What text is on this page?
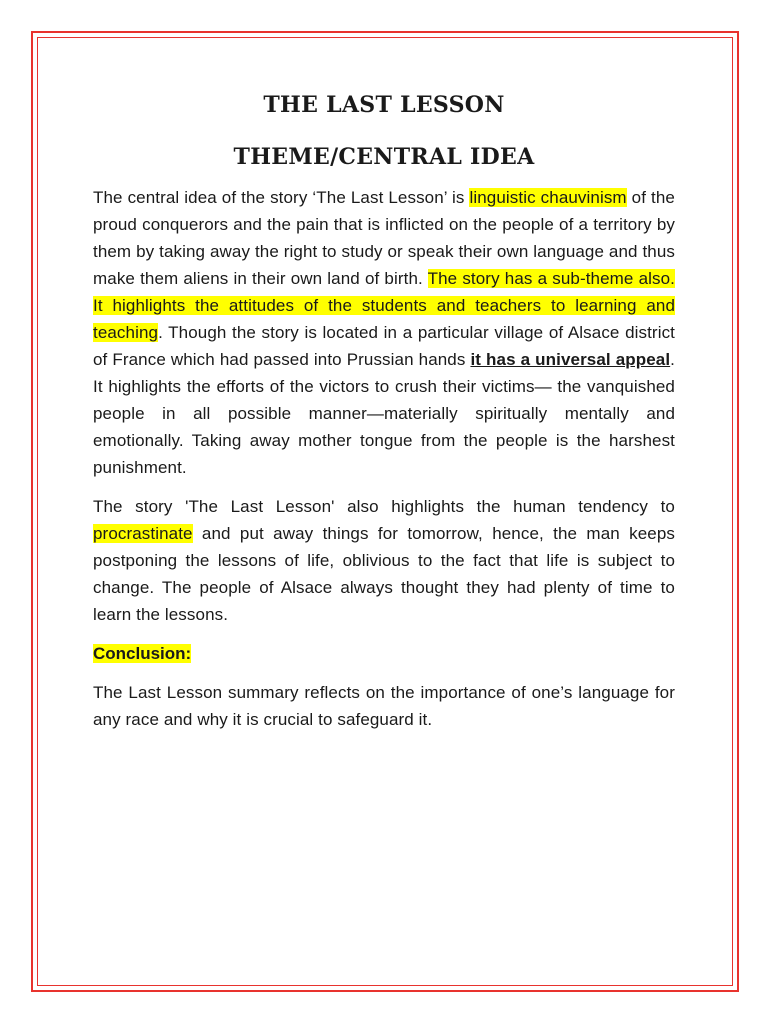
THE LAST LESSON
THEME/CENTRAL IDEA

The central idea of the story ‘The Last Lesson’ is linguistic chauvinism of the proud conquerors and the pain that is inflicted on the people of a territory by them by taking away the right to study or speak their own language and thus make them aliens in their own land of birth. The story has a sub-theme also. It highlights the attitudes of the students and teachers to learning and teaching. Though the story is located in a particular village of Alsace district of France which had passed into Prussian hands it has a universal appeal. It highlights the efforts of the victors to crush their victims— the vanquished people in all possible manner—materially spiritually mentally and emotionally. Taking away mother tongue from the people is the harshest punishment.

The story 'The Last Lesson' also highlights the human tendency to procrastinate and put away things for tomorrow, hence, the man keeps postponing the lessons of life, oblivious to the fact that life is subject to change. The people of Alsace always thought they had plenty of time to learn the lessons.

Conclusion:

The Last Lesson summary reflects on the importance of one’s language for any race and why it is crucial to safeguard it.
